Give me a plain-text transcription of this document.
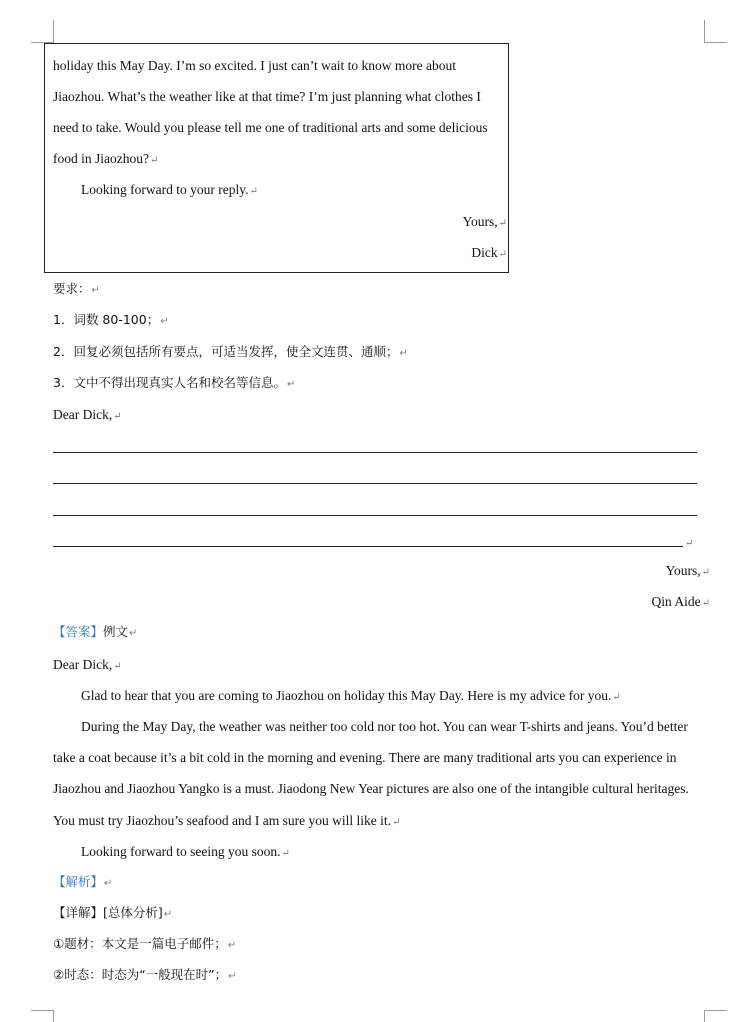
holiday this May Day. I’m so excited. I just can’t wait to know more about
Jiaozhou. What’s the weather like at that time? I’m just planning what clothes I
need to take. Would you please tell me one of traditional arts and some delicious
food in Jiaozhou?↵
Looking forward to your reply.↵
Yours,↵
Dick↵
要求：↵
1．词数 80-100；↵
2．回复必须包括所有要点，可适当发挥，使全文连贯、通顺；↵
3．文中不得出现真实人名和校名等信息。↵
Dear Dick,↵
↵
Yours,↵
Qin Aide↵
【答案】例文↵
Dear Dick,↵
Glad to hear that you are coming to Jiaozhou on holiday this May Day. Here is my advice for you.↵
During the May Day, the weather was neither too cold nor too hot. You can wear T-shirts and jeans. You’d better
take a coat because it’s a bit cold in the morning and evening. There are many traditional arts you can experience in
Jiaozhou and Jiaozhou Yangko is a must. Jiaodong New Year pictures are also one of the intangible cultural heritages.
You must try Jiaozhou’s seafood and I am sure you will like it.↵
Looking forward to seeing you soon.↵
【解析】↵
【详解】[总体分析]↵
①题材：本文是一篇电子邮件；↵
②时态：时态为“一般现在时”；↵
